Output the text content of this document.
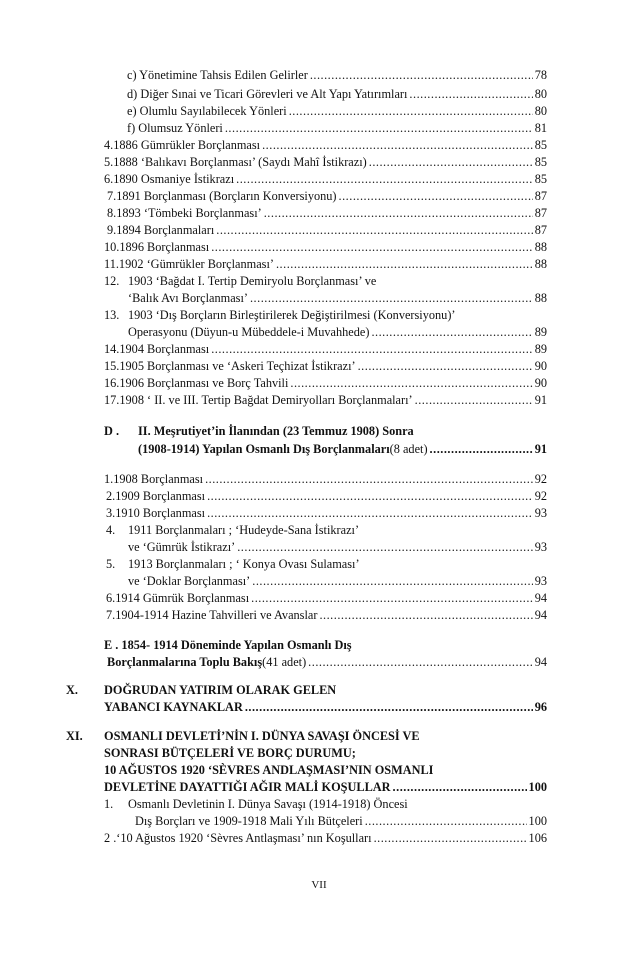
c) Yönetimine Tahsis Edilen Gelirler .....	78
d) Diğer Sınai ve Ticari Görevleri ve Alt Yapı Yatırımları .....	80
e) Olumlu Sayılabilecek Yönleri .....	80
f) Olumsuz Yönleri .....	81
4. 1886 Gümrükler Borçlanması .....	85
5. 1888 ‘Balıkavı Borçlanması’ (Saydı Mahî İstikrazı) .....	85
6. 1890 Osmaniye İstikrazı .....	85
7. 1891 Borçlanması (Borçların Konversiyonu) .....	87
8. 1893 ‘Tömbeki Borçlanması’ .....	87
9. 1894 Borçlanmaları .....	87
10. 1896 Borçlanması .....	88
11. 1902 ‘Gümrükler Borçlanması’ .....	88
12. 1903 ‘Bağdat I. Tertip Demiryolu Borçlanması’ ve
‘Balık Avı Borçlanması’ .....	88
13. 1903 ‘Dış Borçların Birleştirilerek Değiştirilmesi (Konversiyonu)’
Operasyonu (Düyun-u Mübeddele-i Muvahhede) .....	89
14. 1904 Borçlanması .....	89
15. 1905 Borçlanması ve ‘Askeri Teçhizat İstikrazı’ .....	90
16. 1906 Borçlanması ve Borç Tahvili .....	90
17. 1908 ‘ II. ve III. Tertip Bağdat Demiryolları Borçlanmaları’ .....	91
D .	II. Meşrutiyet’in İlanından (23 Temmuz 1908) Sonra
(1908-1914) Yapılan Osmanlı Dış Borçlanmaları (8 adet) .....	91
1. 1908 Borçlanması .....	92
2. 1909 Borçlanması .....	92
3. 1910 Borçlanması .....	93
4.	1911 Borçlanmaları ; ‘Hudeyde-Sana İstikrazı’
ve ‘Gümrük İstikrazı’ .....	93
5.	1913 Borçlanmaları ; ‘ Konya Ovası Sulaması’
ve ‘Doklar Borçlanması’ .....	93
6. 1914 Gümrük Borçlanması .....	94
7. 1904-1914 Hazine Tahvilleri ve Avanslar .....	94
E . 1854- 1914 Döneminde Yapılan Osmanlı Dış
Borçlanmalarına Toplu Bakış (41 adet) .....	94
X.	DOĞRUDAN YATIRIM OLARAK GELEN
YABANCI KAYNAKLAR .....	96
XI.	OSMANLI DEVLETİ’NİN I. DÜNYA SAVAŞI ÖNCESİ VE
SONRASI BÜTÇELERİ VE BORÇ DURUMU;
10 AĞUSTOS 1920 ‘SÈVRES ANDLAŞMASI’NIN OSMANLI
DEVLETİNE DAYATTIĞI AĞIR MALİ KOŞULLAR .....	100
1.	Osmanlı Devletinin I. Dünya Savaşı (1914-1918) Öncesi
Dış Borçları ve 1909-1918 Mali Yılı Bütçeleri .....	100
2 . ‘10 Ağustos 1920 ‘Sèvres Antlaşması’ nın Koşulları .....	106
VII
